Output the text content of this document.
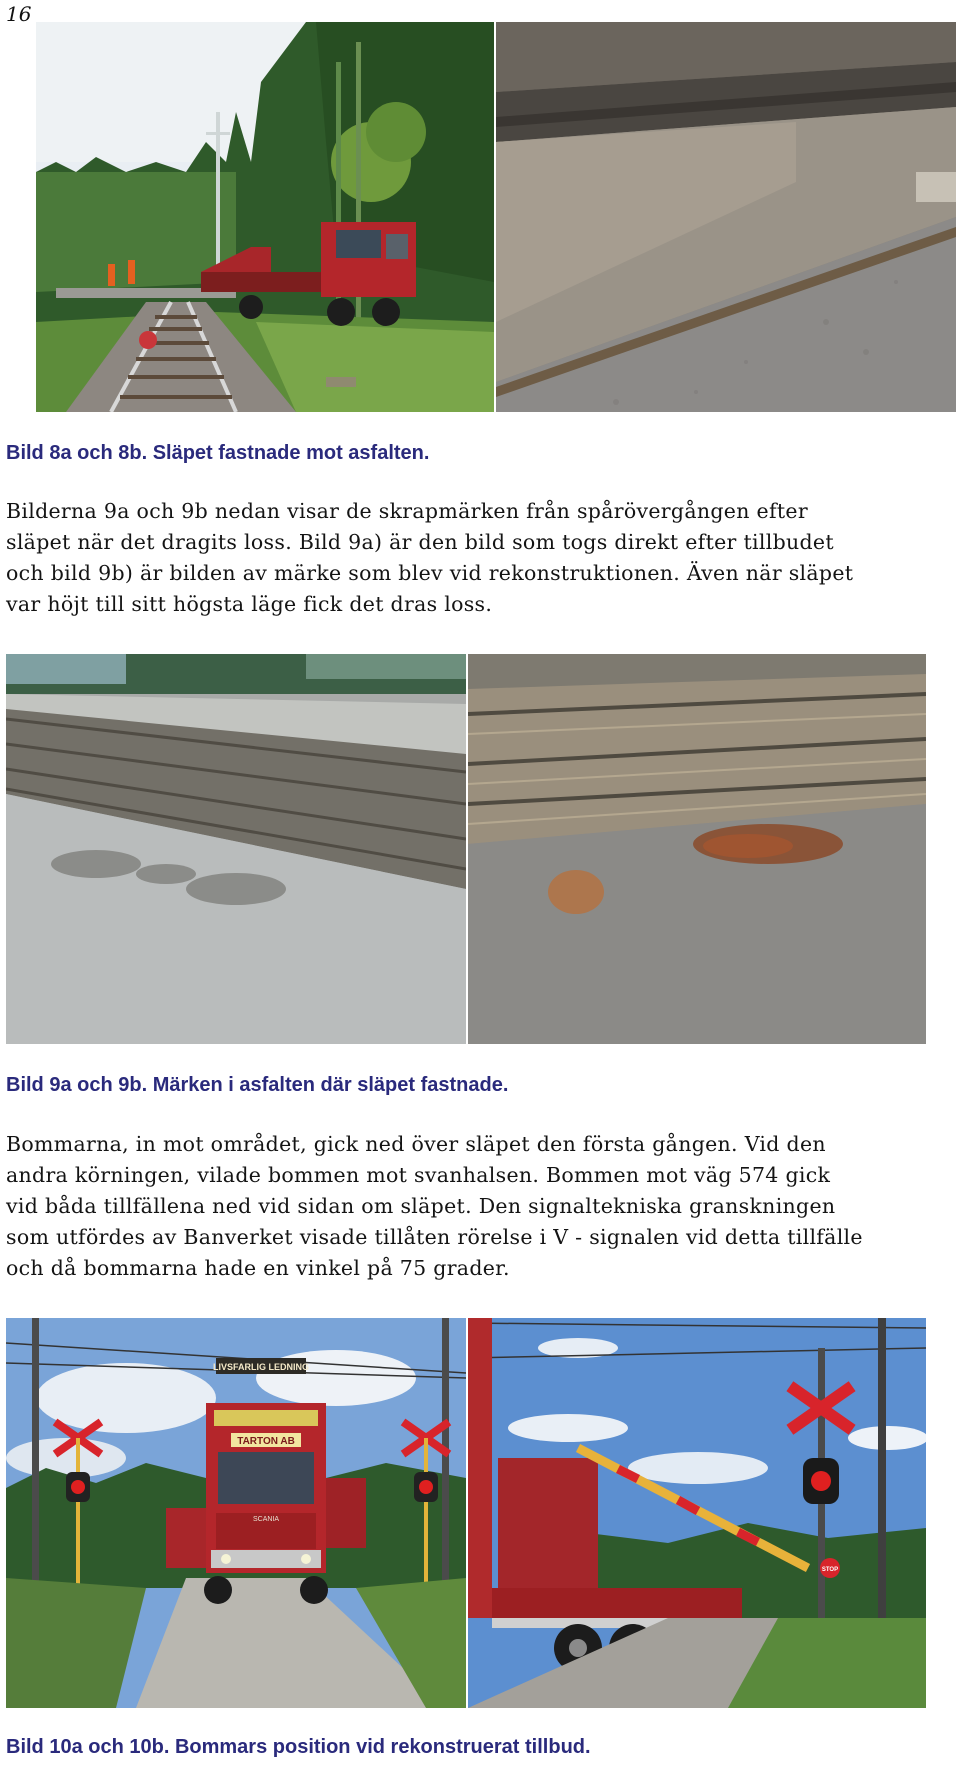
16
Bild 8a och 8b. Släpet fastnade mot asfalten.

Bilderna 9a och 9b nedan visar de skrapmärken från spårövergången efter

släpet när det dragits loss. Bild 9a) är den bild som togs direkt efter tillbudet

och bild 9b) är bilden av märke som blev vid rekonstruktionen. Även när släpet

var höjt till sitt högsta läge fick det dras loss.

Bild 9a och 9b. Märken i asfalten där släpet fastnade.

Bommarna, in mot området, gick ned över släpet den första gången. Vid den

andra körningen, vilade bommen mot svanhalsen. Bommen mot väg 574 gick

vid båda tillfällena ned vid sidan om släpet. Den signaltekniska granskningen

som utfördes av Banverket visade tillåten rörelse i V - signalen vid detta tillfälle

och då bommarna hade en vinkel på 75 grader.

LIVSFARLIG LEDNING
TARTON AB
SCANIA
STOP
Bild 10a och 10b. Bommars position vid rekonstruerat tillbud.
